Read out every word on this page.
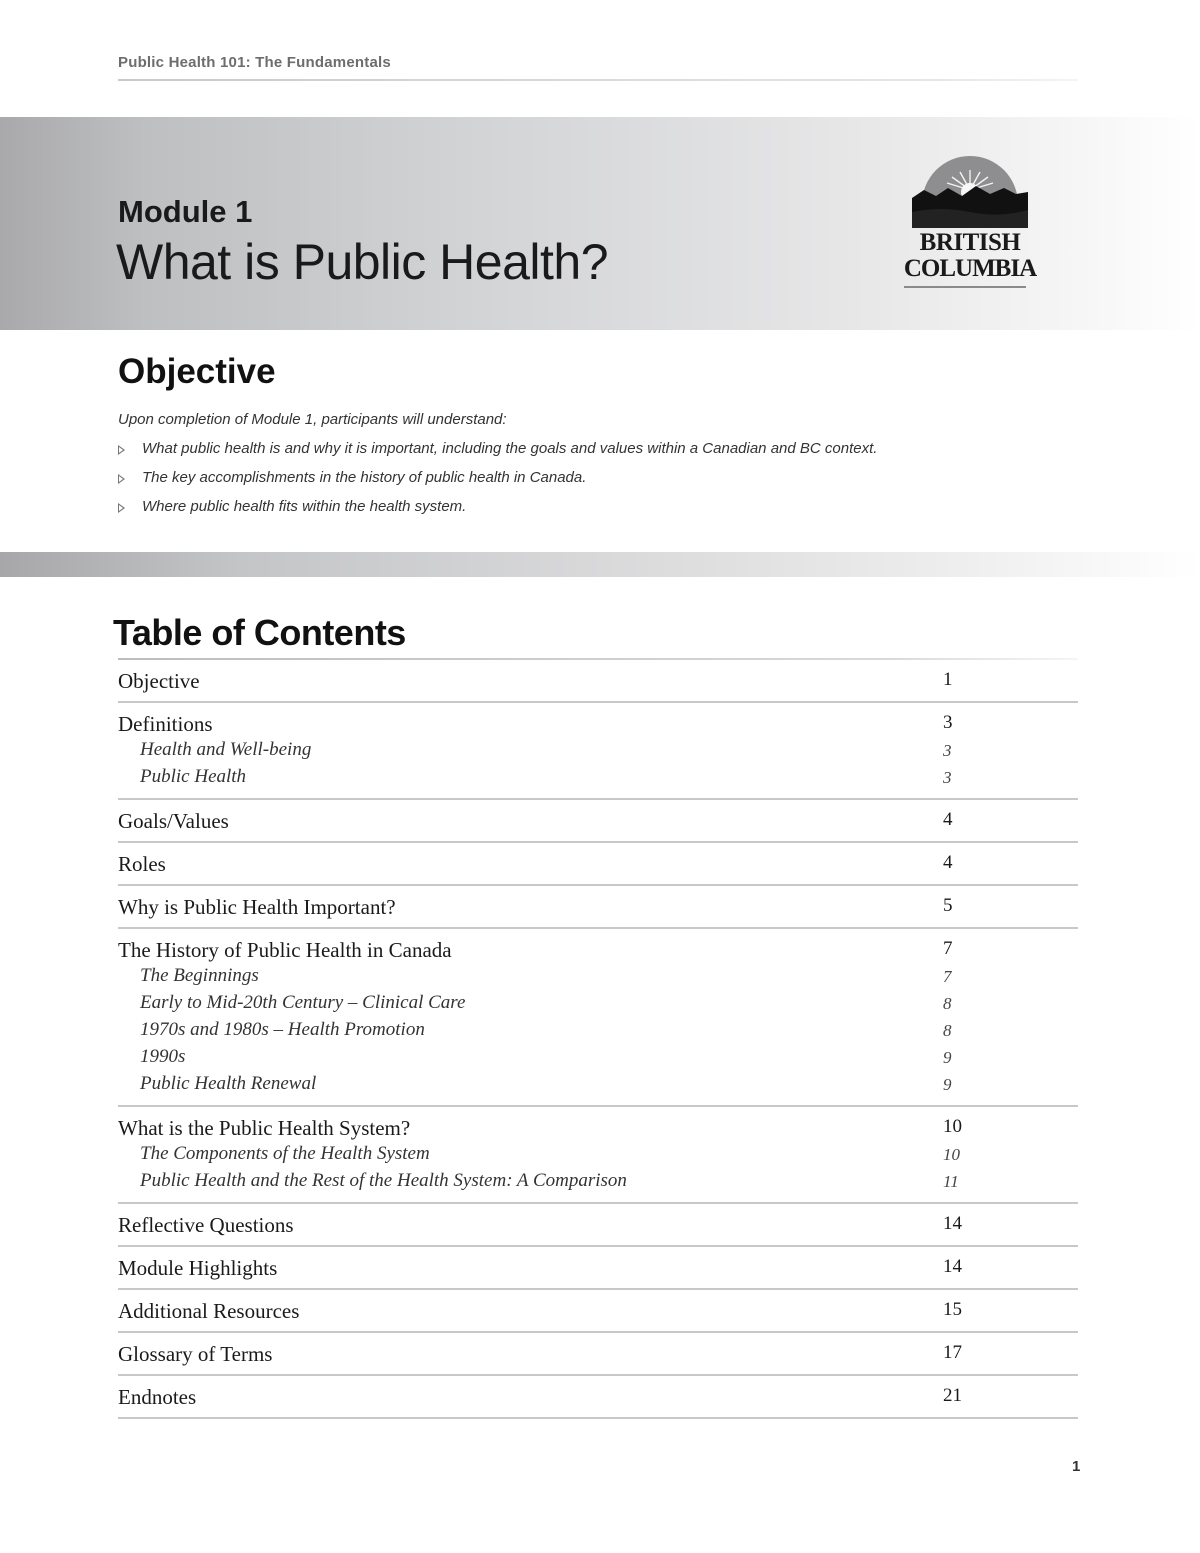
Public Health 101: The Fundamentals
Module 1
What is Public Health?	BRITISH
COLUMBIA
Objective
Upon completion of Module 1, participants will understand:
What public health is and why it is important, including the goals and values within a Canadian and BC context.
The key accomplishments in the history of public health in Canada.
Where public health fits within the health system.
Table of Contents
Objective	1
Definitions	3
Health and Well-being	3
Public Health	3
Goals/Values	4
Roles	4
Why is Public Health Important?	5
The History of Public Health in Canada	7
The Beginnings	7
Early to Mid-20th Century – Clinical Care	8
1970s and 1980s – Health Promotion	8
1990s	9
Public Health Renewal	9
What is the Public Health System?	10
The Components of the Health System	10
Public Health and the Rest of the Health System: A Comparison	11
Reflective Questions	14
Module Highlights	14
Additional Resources	15
Glossary of Terms	17
Endnotes	21
1
